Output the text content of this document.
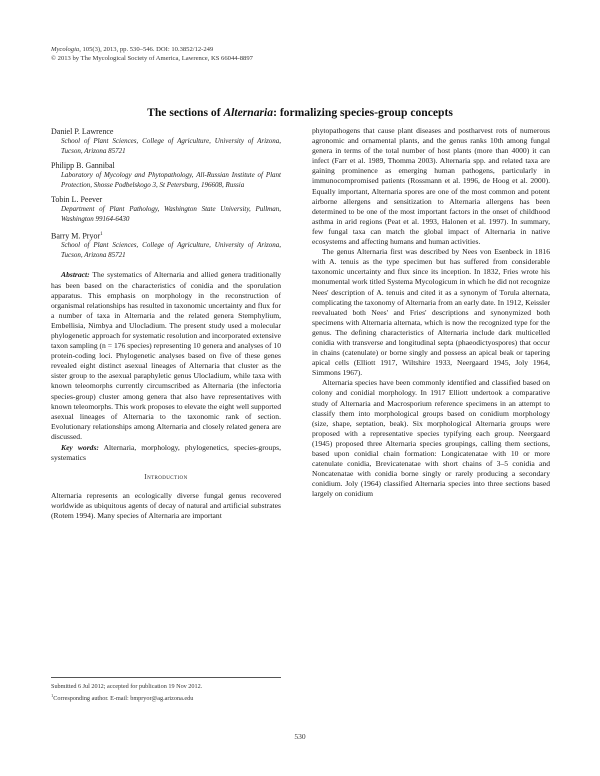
Mycologia, 105(3), 2013, pp. 530–546. DOI: 10.3852/12-249
© 2013 by The Mycological Society of America, Lawrence, KS 66044-8897
The sections of Alternaria: formalizing species-group concepts
Daniel P. Lawrence
School of Plant Sciences, College of Agriculture, University of Arizona, Tucson, Arizona 85721
Philipp B. Gannibal
Laboratory of Mycology and Phytopathology, All-Russian Institute of Plant Protection, Shosse Podbelskogo 3, St Petersburg, 196608, Russia
Tobin L. Peever
Department of Plant Pathology, Washington State University, Pullman, Washington 99164-6430
Barry M. Pryor$^1$
School of Plant Sciences, College of Agriculture, University of Arizona, Tucson, Arizona 85721

Abstract: The systematics of Alternaria and allied genera traditionally has been based on the characteristics of conidia and the sporulation apparatus. This emphasis on morphology in the reconstruction of organismal relationships has resulted in taxonomic uncertainty and flux for a number of taxa in Alternaria and the related genera Stemphylium, Embellisia, Nimbya and Ulocladium. The present study used a molecular phylogenetic approach for systematic resolution and incorporated extensive taxon sampling (n = 176 species) representing 10 genera and analyses of 10 protein-coding loci. Phylogenetic analyses based on five of these genes revealed eight distinct asexual lineages of Alternaria that cluster as the sister group to the asexual paraphyletic genus Ulocladium, while taxa with known teleomorphs currently circumscribed as Alternaria (the infectoria species-group) cluster among genera that also have representatives with known teleomorphs. This work proposes to elevate the eight well supported asexual lineages of Alternaria to the taxonomic rank of section. Evolutionary relationships among Alternaria and closely related genera are discussed.

Key words: Alternaria, morphology, phylogenetics, species-groups, systematics
Introduction
Alternaria represents an ecologically diverse fungal genus recovered worldwide as ubiquitous agents of decay of natural and artificial substrates (Rotem 1994). Many species of Alternaria are important
Submitted 6 Jul 2012; accepted for publication 19 Nov 2012.
$^1$Corresponding author. E-mail: bmpryor@ag.arizona.edu

phytopathogens that cause plant diseases and postharvest rots of numerous agronomic and ornamental plants, and the genus ranks 10th among fungal genera in terms of the total number of host plants (more than 4000) it can infect (Farr et al. 1989, Thomma 2003). Alternaria spp. and related taxa are gaining prominence as emerging human pathogens, particularly in immunocompromised patients (Rossmann et al. 1996, de Hoog et al. 2000). Equally important, Alternaria spores are one of the most common and potent airborne allergens and sensitization to Alternaria allergens has been determined to be one of the most important factors in the onset of childhood asthma in arid regions (Peat et al. 1993, Halonen et al. 1997). In summary, few fungal taxa can match the global impact of Alternaria in native ecosystems and affecting humans and human activities.

The genus Alternaria first was described by Nees von Esenbeck in 1816 with A. tenuis as the type specimen but has suffered from considerable taxonomic uncertainty and flux since its inception. In 1832, Fries wrote his monumental work titled Systema Mycologicum in which he did not recognize Nees' description of A. tenuis and cited it as a synonym of Torula alternata, complicating the taxonomy of Alternaria from an early date. In 1912, Keissler reevaluated both Nees' and Fries' descriptions and synonymized both specimens with Alternaria alternata, which is now the recognized type for the genus. The defining characteristics of Alternaria include dark multicelled conidia with transverse and longitudinal septa (phaeodictyospores) that occur in chains (catenulate) or borne singly and possess an apical beak or tapering apical cells (Elliott 1917, Wiltshire 1933, Neergaard 1945, Joly 1964, Simmons 1967).

Alternaria species have been commonly identified and classified based on colony and conidial morphology. In 1917 Elliott undertook a comparative study of Alternaria and Macrosporium reference specimens in an attempt to classify them into morphological groups based on conidium morphology (size, shape, septation, beak). Six morphological Alternaria groups were proposed with a representative species typifying each group. Neergaard (1945) proposed three Alternaria species groupings, calling them sections, based upon conidial chain formation: Longicatenatae with 10 or more catenulate conidia, Brevicatenatae with short chains of 3–5 conidia and Noncatenatae with conidia borne singly or rarely producing a secondary conidium. Joly (1964) classified Alternaria species into three sections based largely on conidium

530
